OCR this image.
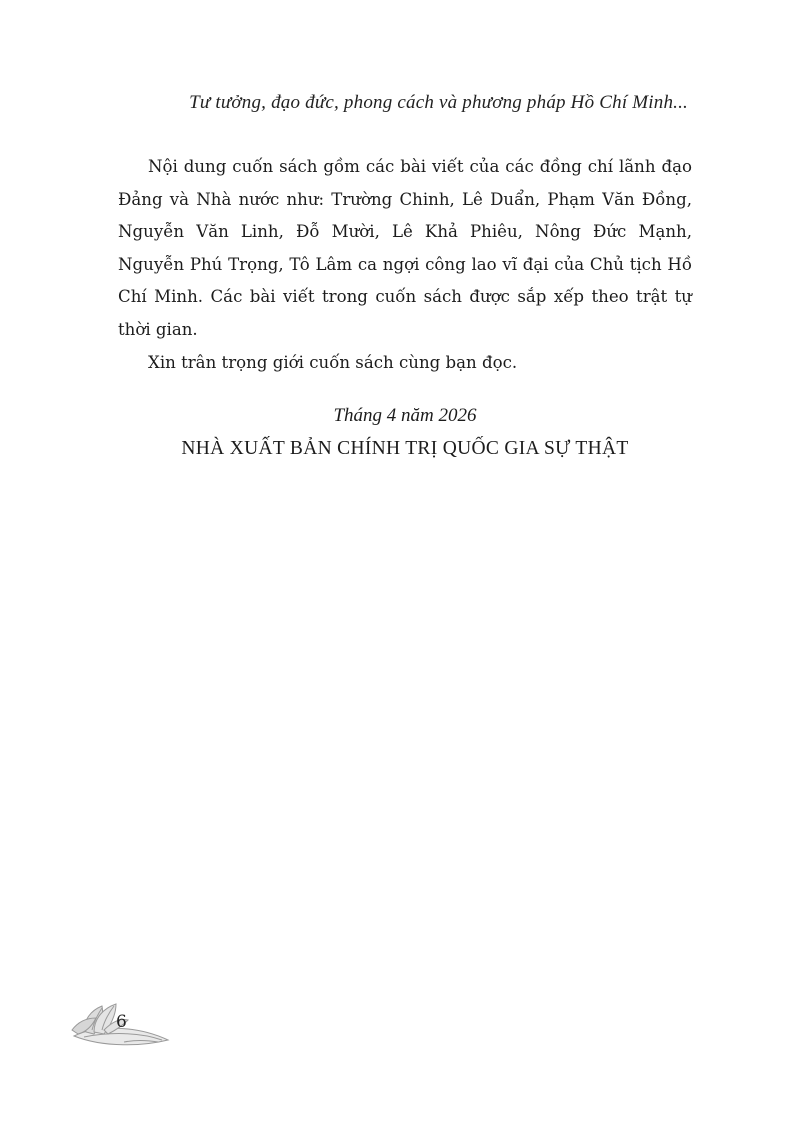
Tư tưởng, đạo đức, phong cách và phương pháp Hồ Chí Minh...

Nội dung cuốn sách gồm các bài viết của các đồng chí lãnh đạo Đảng và Nhà nước như: Trường Chinh, Lê Duẩn, Phạm Văn Đồng, Nguyễn Văn Linh, Đỗ Mười, Lê Khả Phiêu, Nông Đức Mạnh, Nguyễn Phú Trọng, Tô Lâm ca ngợi công lao vĩ đại của Chủ tịch Hồ Chí Minh. Các bài viết trong cuốn sách được sắp xếp theo trật tự thời gian.

Xin trân trọng giới cuốn sách cùng bạn đọc.

Tháng 4 năm 2026
NHÀ XUẤT BẢN CHÍNH TRỊ QUỐC GIA SỰ THẬT
6
